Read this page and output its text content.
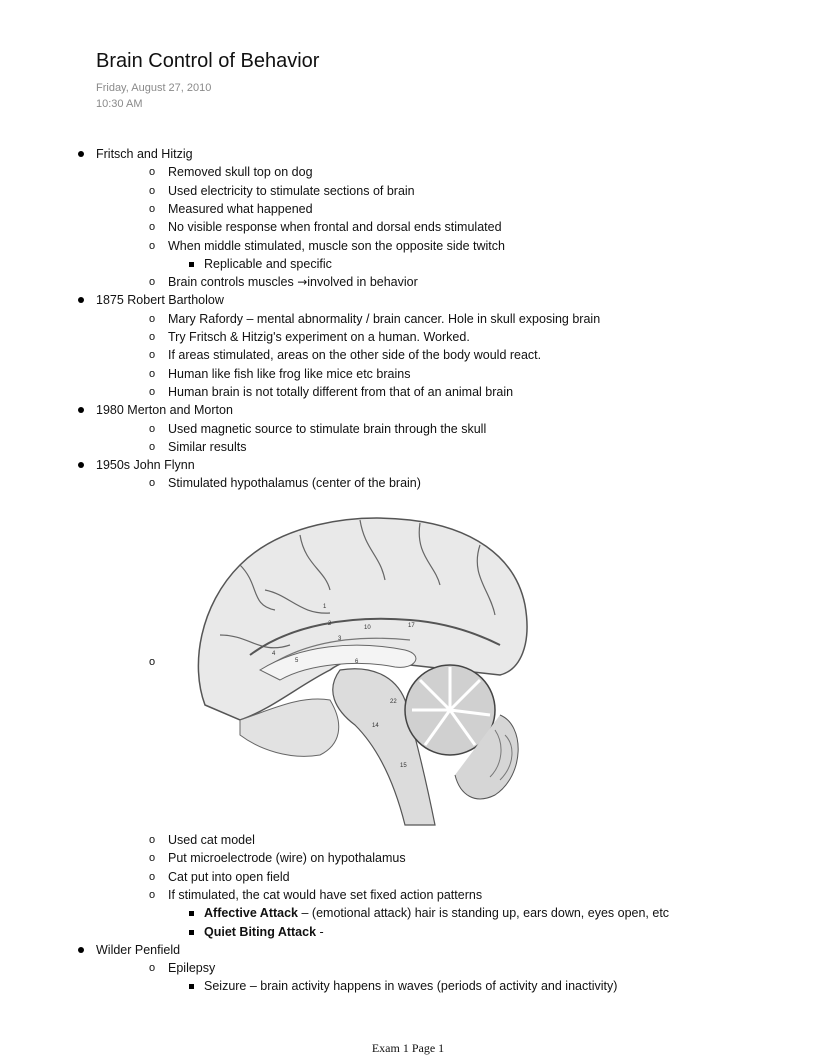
Brain Control of Behavior
Friday, August 27, 2010
10:30 AM
Fritsch and Hitzig
o Removed skull top on dog
o Used electricity to stimulate sections of brain
o Measured what happened
o No visible response when frontal and dorsal ends stimulated
o When middle stimulated, muscle son the opposite side twitch
Replicable and specific
o Brain controls muscles →involved in behavior
1875 Robert Bartholow
o Mary Rafordy – mental abnormality / brain cancer. Hole in skull exposing brain
o Try Fritsch & Hitzig's experiment on a human. Worked.
o If areas stimulated, areas on the other side of the body would react.
o Human like fish like frog like mice etc brains
o Human brain is not totally different from that of an animal brain
1980 Merton and Morton
o Used magnetic source to stimulate brain through the skull
o Similar results
1950s John Flynn
o Stimulated hypothalamus (center of the brain)
o
1
2
3
4
5	6
10
14
15
17
22
o Used cat model
o Put microelectrode (wire) on hypothalamus
o Cat put into open field
o If stimulated, the cat would have set fixed action patterns
Affective Attack – (emotional attack) hair is standing up, ears down, eyes open, etc
Quiet Biting Attack -
Wilder Penfield
o Epilepsy
Seizure – brain activity happens in waves (periods of activity and inactivity)
Exam 1 Page 1
